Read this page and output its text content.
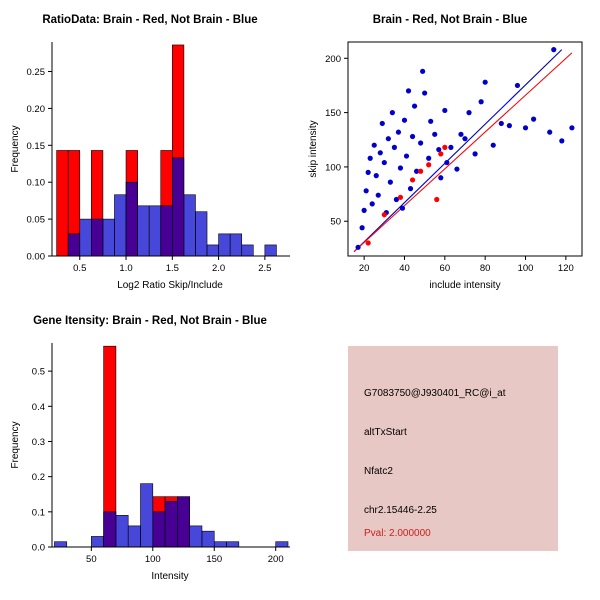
RatioData: Brain - Red, Not Brain - Blue
0.5	1.0	1.5	2.0	2.5
0.00
0.05
0.10
0.15
0.20
0.25
Log2 Ratio Skip/Include
Frequency
Brain - Red, Not Brain - Blue
20	40	60	80	100	120
50
100
150
200
include intensity
skip intensity
Gene Itensity: Brain - Red, Not Brain - Blue
50	100	150	200
0.0
0.1
0.2
0.3
0.4
0.5
Intensity
Frequency
G7083750@J930401_RC@i_at
altTxStart
Nfatc2
chr2.15446-2.25
Pval: 2.000000
